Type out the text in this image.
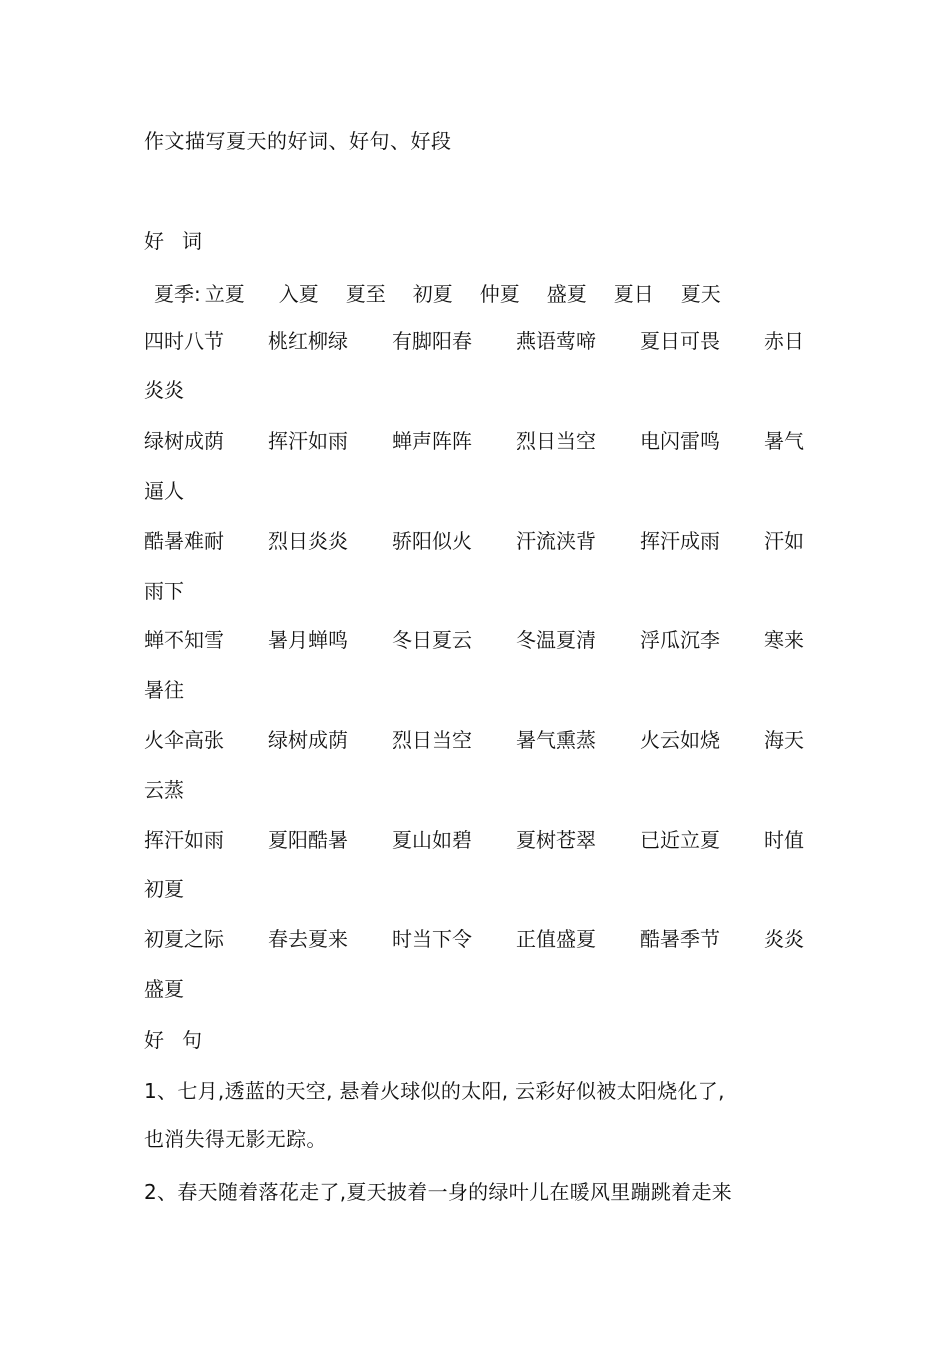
作文描写夏天的好词、好句、好段
好 词
夏季: 立夏 入夏 夏至 初夏 仲夏 盛夏 夏日 夏天
四时八节 桃红柳绿 有脚阳春 燕语莺啼 夏日可畏 赤日
炎炎
绿树成荫 挥汗如雨 蝉声阵阵 烈日当空 电闪雷鸣 暑气
逼人
酷暑难耐 烈日炎炎 骄阳似火 汗流浃背 挥汗成雨 汗如
雨下
蝉不知雪 暑月蝉鸣 冬日夏云 冬温夏清 浮瓜沉李 寒来
暑往
火伞高张 绿树成荫 烈日当空 暑气熏蒸 火云如烧 海天
云蒸
挥汗如雨 夏阳酷暑 夏山如碧 夏树苍翠 已近立夏 时值
初夏
初夏之际 春去夏来 时当下令 正值盛夏酷暑季节 炎炎
盛夏
好 句
1、七月,透蓝的天空, 悬着火球似的太阳, 云彩好似被太阳烧化了,
也消失得无影无踪。
2、春天随着落花走了,夏天披着一身的绿叶儿在暖风里蹦跳着走来
